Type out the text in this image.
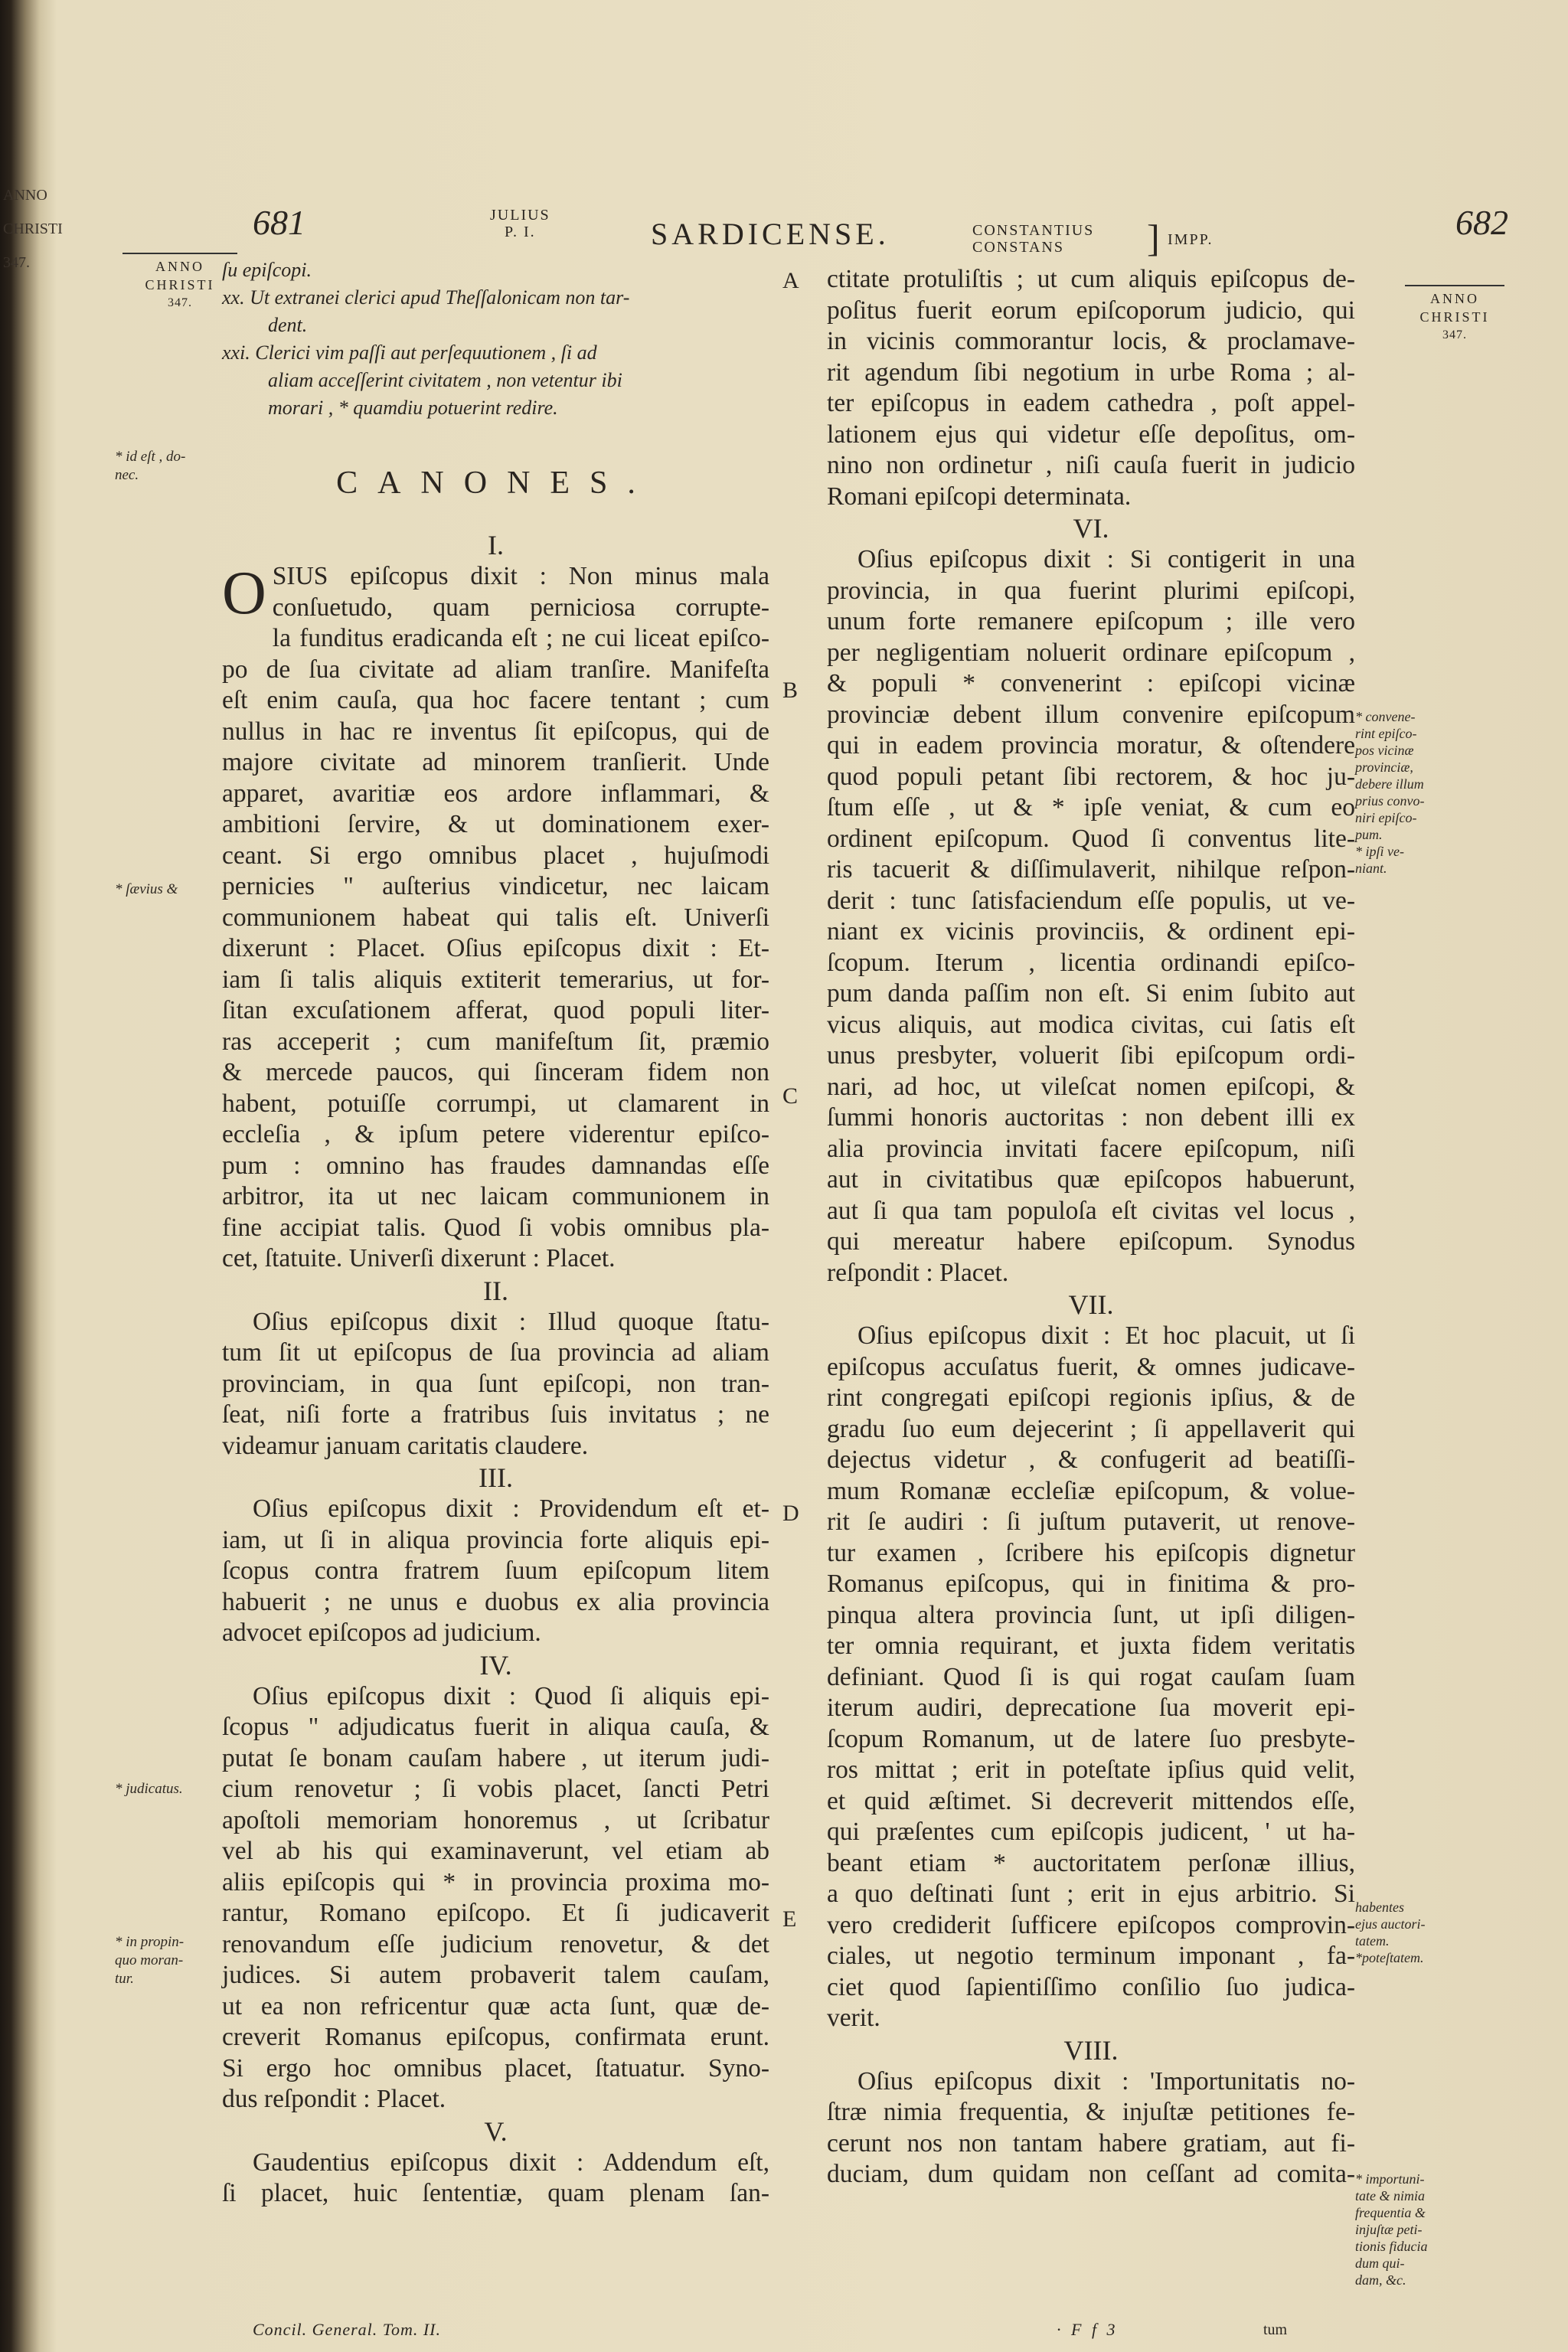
ANNO
CHRISTI
347.
681	JULIUS
P. I.	SARDICENSE.	CONSTANTIUS
CONSTANS	] IMPP.	682
ANNO
CHRISTI
347.	ANNO
CHRISTI
347.
* id eſt , do-
nec.
* ſævius &
* judicatus.
* in propin-
quo moran-
tur.
* convene-
rint epiſco-
pos vicinæ
provinciæ,
debere illum
prius convo-
niri epiſco-
pum.
* ipſi ve-
niant.
habentes
ejus auctori-
tatem.
*poteſtatem.
* importuni-
tate & nimia
frequentia &
injuſtæ peti-
tionis fiducia
dum qui-
dam, &c.
A
B
C
D
E
ſu epiſcopi.
xx. Ut extranei clerici apud Theſſalonicam non tar-
dent.
xxi. Clerici vim paſſi aut perſequutionem , ſi ad
aliam acceſſerint civitatem , non vetentur ibi
morari , * quamdiu potuerint redire.
CANONES.
I.
O SIUS epiſcopus dixit : Non minus mala
conſuetudo, quam perniciosa corrupte-
la funditus eradicanda eſt ; ne cui liceat epiſco-
po de ſua civitate ad aliam tranſire. Manifeſta
eſt enim cauſa, qua hoc facere tentant ; cum
nullus in hac re inventus ſit epiſcopus, qui de
majore civitate ad minorem tranſierit. Unde
apparet, avaritiæ eos ardore inflammari, &
ambitioni ſervire, & ut dominationem exer-
ceant. Si ergo omnibus placet , hujuſmodi
pernicies " auſterius vindicetur, nec laicam
communionem habeat qui talis eſt. Univerſi
dixerunt : Placet. Oſius epiſcopus dixit : Et-
iam ſi talis aliquis extiterit temerarius, ut for-
ſitan excuſationem afferat, quod populi liter-
ras acceperit ; cum manifeſtum ſit, præmio
& mercede paucos, qui ſinceram fidem non
habent, potuiſſe corrumpi, ut clamarent in
eccleſia , & ipſum petere viderentur epiſco-
pum : omnino has fraudes damnandas eſſe
arbitror, ita ut nec laicam communionem in
fine accipiat talis. Quod ſi vobis omnibus pla-
cet, ſtatuite. Univerſi dixerunt : Placet.
II.
Oſius epiſcopus dixit : Illud quoque ſtatu-
tum ſit ut epiſcopus de ſua provincia ad aliam
provinciam, in qua ſunt epiſcopi, non tran-
ſeat, niſi forte a fratribus ſuis invitatus ; ne
videamur januam caritatis claudere.
III.
Oſius epiſcopus dixit : Providendum eſt et-
iam, ut ſi in aliqua provincia forte aliquis epi-
ſcopus contra fratrem ſuum epiſcopum litem
habuerit ; ne unus e duobus ex alia provincia
advocet epiſcopos ad judicium.
IV.
Oſius epiſcopus dixit : Quod ſi aliquis epi-
ſcopus " adjudicatus fuerit in aliqua cauſa, &
putat ſe bonam cauſam habere , ut iterum judi-
cium renovetur ; ſi vobis placet, ſancti Petri
apoſtoli memoriam honoremus , ut ſcribatur
vel ab his qui examinaverunt, vel etiam ab
aliis epiſcopis qui * in provincia proxima mo-
rantur, Romano epiſcopo. Et ſi judicaverit
renovandum eſſe judicium renovetur, & det
judices. Si autem probaverit talem cauſam,
ut ea non refricentur quæ acta ſunt, quæ de-
creverit Romanus epiſcopus, confirmata erunt.
Si ergo hoc omnibus placet, ſtatuatur. Syno-
dus reſpondit : Placet.
V.
Gaudentius epiſcopus dixit : Addendum eſt,
ſi placet, huic ſententiæ, quam plenam ſan-
ctitate protuliſtis ; ut cum aliquis epiſcopus de-
poſitus fuerit eorum epiſcoporum judicio, qui
in vicinis commorantur locis, & proclamave-
rit agendum ſibi negotium in urbe Roma ; al-
ter epiſcopus in eadem cathedra , poſt appel-
lationem ejus qui videtur eſſe depoſitus, om-
nino non ordinetur , niſi cauſa fuerit in judicio
Romani epiſcopi determinata.
VI.
Oſius epiſcopus dixit : Si contigerit in una
provincia, in qua fuerint plurimi epiſcopi,
unum forte remanere epiſcopum ; ille vero
per negligentiam noluerit ordinare epiſcopum ,
& populi * convenerint : epiſcopi vicinæ
provinciæ debent illum convenire epiſcopum
qui in eadem provincia moratur, & oſtendere
quod populi petant ſibi rectorem, & hoc ju-
ſtum eſſe , ut & * ipſe veniat, & cum eo
ordinent epiſcopum. Quod ſi conventus lite-
ris tacuerit & diſſimulaverit, nihilque reſpon-
derit : tunc ſatisfaciendum eſſe populis, ut ve-
niant ex vicinis provinciis, & ordinent epi-
ſcopum. Iterum , licentia ordinandi epiſco-
pum danda paſſim non eſt. Si enim ſubito aut
vicus aliquis, aut modica civitas, cui ſatis eſt
unus presbyter, voluerit ſibi epiſcopum ordi-
nari, ad hoc, ut vileſcat nomen epiſcopi, &
ſummi honoris auctoritas : non debent illi ex
alia provincia invitati facere epiſcopum, niſi
aut in civitatibus quæ epiſcopos habuerunt,
aut ſi qua tam populoſa eſt civitas vel locus ,
qui mereatur habere epiſcopum. Synodus
reſpondit : Placet.
VII.
Oſius epiſcopus dixit : Et hoc placuit, ut ſi
epiſcopus accuſatus fuerit, & omnes judicave-
rint congregati epiſcopi regionis ipſius, & de
gradu ſuo eum dejecerint ; ſi appellaverit qui
dejectus videtur , & confugerit ad beatiſſi-
mum Romanæ eccleſiæ epiſcopum, & volue-
rit ſe audiri : ſi juſtum putaverit, ut renove-
tur examen , ſcribere his epiſcopis dignetur
Romanus epiſcopus, qui in finitima & pro-
pinqua altera provincia ſunt, ut ipſi diligen-
ter omnia requirant, et juxta fidem veritatis
definiant. Quod ſi is qui rogat cauſam ſuam
iterum audiri, deprecatione ſua moverit epi-
ſcopum Romanum, ut de latere ſuo presbyte-
ros mittat ; erit in poteſtate ipſius quid velit,
et quid æſtimet. Si decreverit mittendos eſſe,
qui præſentes cum epiſcopis judicent, ' ut ha-
beant etiam * auctoritatem perſonæ illius,
a quo deſtinati ſunt ; erit in ejus arbitrio. Si
vero crediderit ſufficere epiſcopos comprovin-
ciales, ut negotio terminum imponant , fa-
ciet quod ſapientiſſimo conſilio ſuo judica-
verit.
VIII.
Oſius epiſcopus dixit : 'Importunitatis no-
ſtræ nimia frequentia, & injuſtæ petitiones fe-
cerunt nos non tantam habere gratiam, aut fi-
duciam, dum quidam non ceſſant ad comita-
Concil. General. Tom. II.	· F f 3	tum
